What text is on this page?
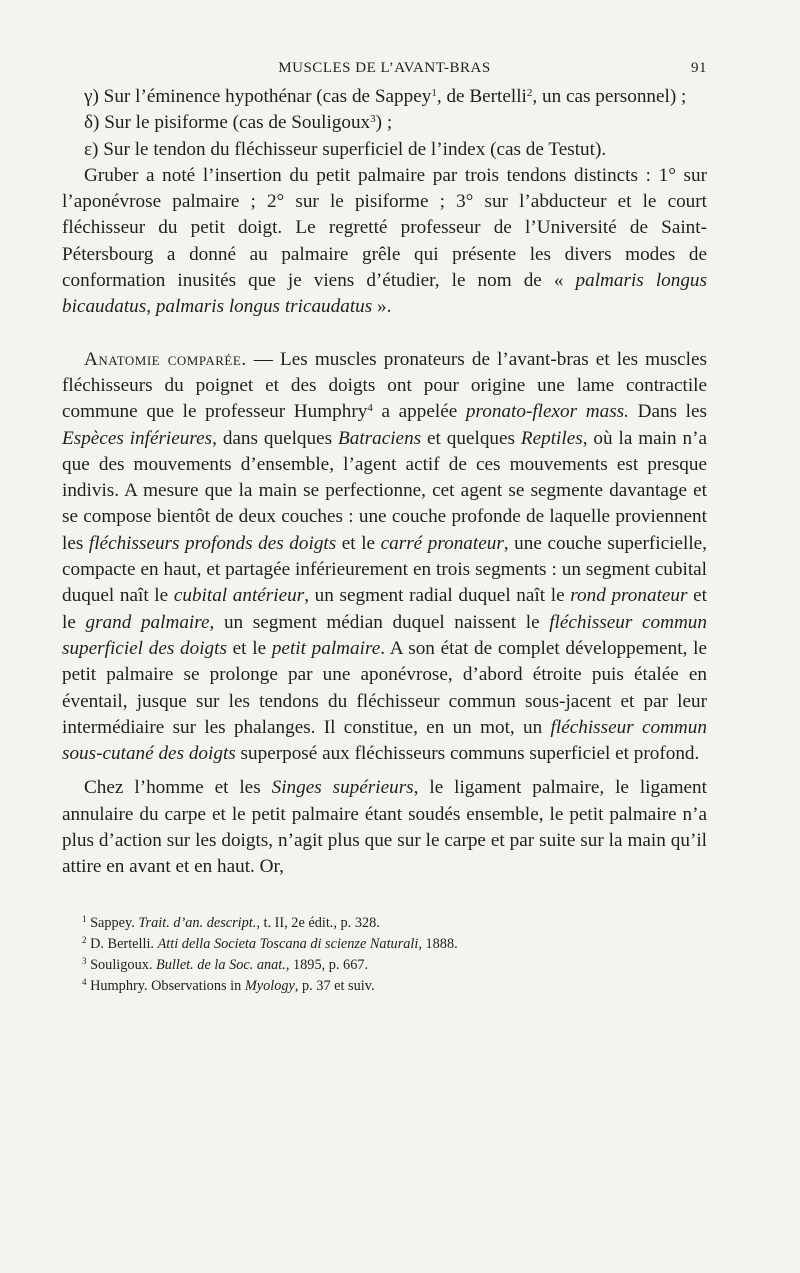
MUSCLES DE L’AVANT-BRAS	91

γ) Sur l’éminence hypothénar (cas de Sappey$^1$, de Bertelli$^2$, un cas personnel) ;

δ) Sur le pisiforme (cas de Souligoux$^3$) ;

ε) Sur le tendon du fléchisseur superficiel de l’index (cas de Testut).

Gruber a noté l’insertion du petit palmaire par trois tendons distincts : 1° sur l’aponévrose palmaire ; 2° sur le pisiforme ; 3° sur l’abducteur et le court fléchisseur du petit doigt. Le regretté professeur de l’Université de Saint-Pétersbourg a donné au palmaire grêle qui présente les divers modes de conformation inusités que je viens d’étudier, le nom de « palmaris longus bicaudatus, palmaris longus tricaudatus ».

Anatomie comparée. — Les muscles pronateurs de l’avant-bras et les muscles fléchisseurs du poignet et des doigts ont pour origine une lame contractile commune que le professeur Humphry$^4$ a appelée pronato-flexor mass. Dans les Espèces inférieures, dans quelques Batraciens et quelques Reptiles, où la main n’a que des mouvements d’ensemble, l’agent actif de ces mouvements est presque indivis. A mesure que la main se perfectionne, cet agent se segmente davantage et se compose bientôt de deux couches : une couche profonde de laquelle proviennent les fléchisseurs profonds des doigts et le carré pronateur, une couche superficielle, compacte en haut, et partagée inférieurement en trois segments : un segment cubital duquel naît le cubital antérieur, un segment radial duquel naît le rond pronateur et le grand palmaire, un segment médian duquel naissent le fléchisseur commun superficiel des doigts et le petit palmaire. A son état de complet développement, le petit palmaire se prolonge par une aponévrose, d’abord étroite puis étalée en éventail, jusque sur les tendons du fléchisseur commun sous-jacent et par leur intermédiaire sur les phalanges. Il constitue, en un mot, un fléchisseur commun sous-cutané des doigts superposé aux fléchisseurs communs superficiel et profond.

Chez l’homme et les Singes supérieurs, le ligament palmaire, le ligament annulaire du carpe et le petit palmaire étant soudés ensemble, le petit palmaire n’a plus d’action sur les doigts, n’agit plus que sur le carpe et par suite sur la main qu’il attire en avant et en haut. Or,

$^1$ Sappey. Trait. d’an. descript., t. II, 2e édit., p. 328.
$^2$ D. Bertelli. Atti della Societa Toscana di scienze Naturali, 1888.
$^3$ Souligoux. Bullet. de la Soc. anat., 1895, p. 667.
$^4$ Humphry. Observations in Myology, p. 37 et suiv.
